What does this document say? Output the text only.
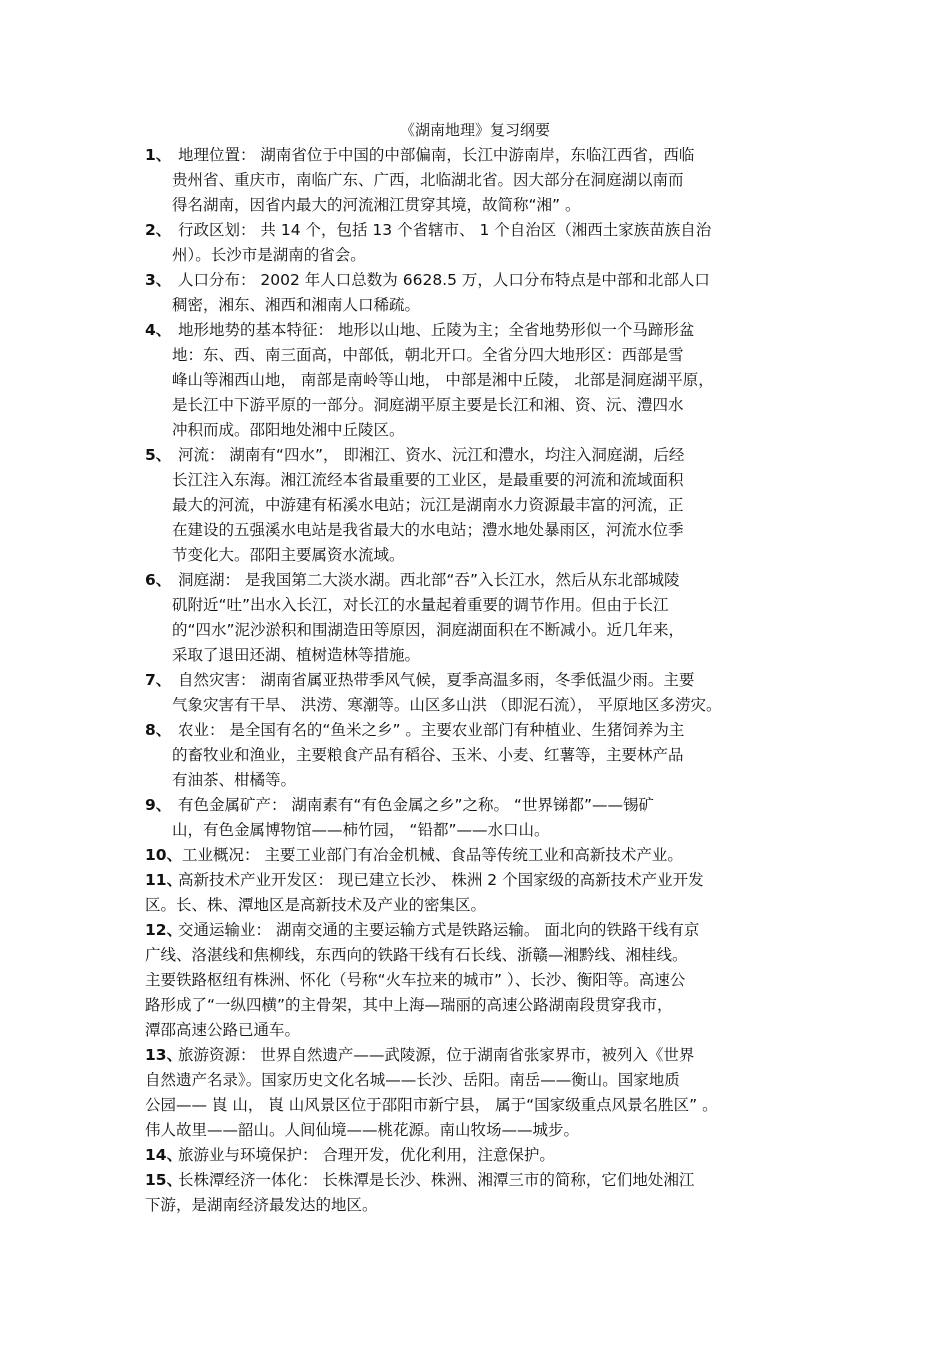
《湖南地理》复习纲要
1、 地理位置： 湖南省位于中国的中部偏南，长江中游南岸，东临江西省，西临
贵州省、重庆市，南临广东、广西，北临湖北省。因大部分在洞庭湖以南而
得名湖南，因省内最大的河流湘江贯穿其境，故简称“湘” 。
2、 行政区划： 共 14 个，包括 13 个省辖市、 1 个自治区（湘西土家族苗族自治
州）。长沙市是湖南的省会。
3、 人口分布： 2002 年人口总数为 6628.5 万，人口分布特点是中部和北部人口
稠密，湘东、湘西和湘南人口稀疏。
4、 地形地势的基本特征： 地形以山地、丘陵为主；全省地势形似一个马蹄形盆
地：东、西、南三面高，中部低，朝北开口。全省分四大地形区：西部是雪
峰山等湘西山地， 南部是南岭等山地， 中部是湘中丘陵， 北部是洞庭湖平原，
是长江中下游平原的一部分。洞庭湖平原主要是长江和湘、资、沅、澧四水
冲积而成。邵阳地处湘中丘陵区。
5、 河流： 湖南有“四水”， 即湘江、资水、沅江和澧水，均注入洞庭湖，后经
长江注入东海。湘江流经本省最重要的工业区，是最重要的河流和流域面积
最大的河流，中游建有柘溪水电站；沅江是湖南水力资源最丰富的河流，正
在建设的五强溪水电站是我省最大的水电站；澧水地处暴雨区，河流水位季
节变化大。邵阳主要属资水流域。
6、 洞庭湖： 是我国第二大淡水湖。西北部“吞”入长江水，然后从东北部城陵
矶附近“吐”出水入长江，对长江的水量起着重要的调节作用。但由于长江
的“四水”泥沙淤积和围湖造田等原因，洞庭湖面积在不断减小。近几年来，
采取了退田还湖、植树造林等措施。
7、 自然灾害： 湖南省属亚热带季风气候，夏季高温多雨，冬季低温少雨。主要
气象灾害有干旱、 洪涝、寒潮等。山区多山洪 （即泥石流）， 平原地区多涝灾。
8、 农业： 是全国有名的“鱼米之乡” 。主要农业部门有种植业、生猪饲养为主
的畜牧业和渔业，主要粮食产品有稻谷、玉米、小麦、红薯等，主要林产品
有油茶、柑橘等。
9、 有色金属矿产： 湖南素有“有色金属之乡”之称。 “世界锑都”——锡矿
山，有色金属博物馆——柿竹园， “铅都”——水口山。
10、 工业概况： 主要工业部门有冶金机械、食品等传统工业和高新技术产业。
11、
高新技术产业开发区： 现已建立长沙、 株洲 2 个国家级的高新技术产业开发
区。长、株、潭地区是高新技术及产业的密集区。
12、
交通运输业： 湖南交通的主要运输方式是铁路运输。 面北向的铁路干线有京
广线、洛湛线和焦柳线，东西向的铁路干线有石长线、浙赣—湘黔线、湘桂线。
主要铁路枢纽有株洲、怀化（号称“火车拉来的城市” ）、长沙、衡阳等。高速公
路形成了“一纵四横”的主骨架，其中上海—瑞丽的高速公路湖南段贯穿我市，
潭邵高速公路已通车。
13、
旅游资源： 世界自然遗产——武陵源，位于湖南省张家界市，被列入《世界
自然遗产名录》。国家历史文化名城——长沙、岳阳。南岳——衡山。国家地质
公园—— 崀 山， 崀 山风景区位于邵阳市新宁县， 属于“国家级重点风景名胜区” 。
伟人故里——韶山。人间仙境——桃花源。南山牧场——城步。
14、
旅游业与环境保护： 合理开发，优化利用，注意保护。
15、
长株潭经济一体化： 长株潭是长沙、株洲、湘潭三市的简称，它们地处湘江
下游，是湖南经济最发达的地区。
